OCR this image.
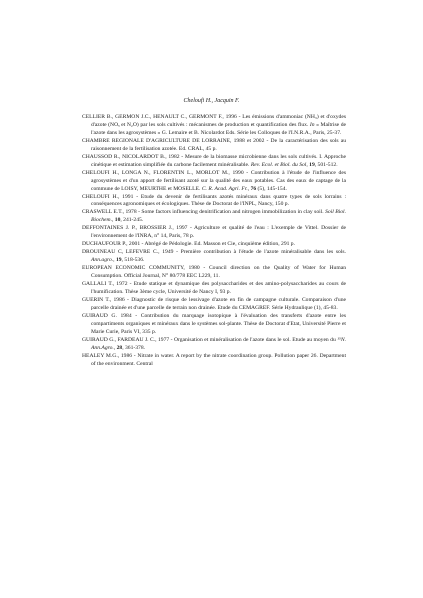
Cheloufi H., Jacquin F.

CELLIER B., GERMON J.C., HENAULT C., GERMONT F., 1996 - Les émissions d'ammoniac (NH₃) et d'oxydes d'azote (NOₓ et N₂O) par les sols cultivés : mécanismes de production et quantification des flux. In « Maîtrise de l'azote dans les agrosystèmes » G. Lemaire et B. Nicolardot Eds. Série les Colloques de l'I.N.R.A., Paris, 25-37.

CHAMBRE REGIONALE D'AGRICULTURE DE LORRAINE, 1988 et 2002 - De la caractérisation des sols au raisonnement de la fertilisation azotée. Ed. CRAL, 45 p.

CHAUSSOD R., NICOLARDOT B., 1982 - Mesure de la biomasse microbienne dans les sols cultivés. I. Approche cinétique et estimation simplifiée du carbone facilement minéralisable. Rev. Ecol. et Biol. du Sol, 19, 501-512.

CHELOUFI H., LONGA N., FLORENTIN L., MORLOT M., 1990 - Contribution à l'étude de l'influence des agrosystèmes et d'un apport de fertilisant azoté sur la qualité des eaux potables. Cas des eaux de captage de la commune de LOISY, MEURTHE et MOSELLE. C. R. Acad. Agri. Fr., 76 (5), 145-154.

CHELOUFI H., 1991 - Etude du devenir de fertilisants azotés minéraux dans quatre types de sols lorrains : conséquences agronomiques et écologiques. Thèse de Doctorat de l'INPL, Nancy, 150 p.

CRASWELL E.T., 1978 - Some factors influencing denitrification and nitrogen immobilization in clay soil. Soil Biol. Biochem., 10, 241-245.

DEFFONTAINES J. P., BROSSIER J., 1997 - Agriculture et qualité de l'eau : L'exemple de Vittel. Dossier de l'environnement de l'INRA, n° 14, Paris, 78 p.

DUCHAUFOUR P., 2001 - Abrégé de Pédologie. Ed. Masson et Cie, cinquième édition, 291 p.

DROUINEAU C, LEFEVRE C., 1949 - Première contribution à l'étude de l'azote minéralisable dans les sols. Ann.agro., 19, 518-536.

EUROPEAN ECONOMIC COMMUNITY, 1980 - Council direction on the Quality of Water for Human Consumption. Official Journal, N° 80/778 EEC L229, 11.

GALLALI T., 1972 - Etude statique et dynamique des polysaccharides et des amino-polysaccharides au cours de l'humification. Thèse 3ème cycle, Université de Nancy I, 93 p.

GUERIN T., 1986 - Diagnostic de risque de lessivage d'azote en fin de campagne culturale. Comparaison d'une parcelle drainée et d'une parcelle de terrain non drainée. Etude du CEMAGREF. Série Hydraulique (1), 45-83.

GUIRAUD G. 1984 - Contribution du marquage isotopique à l'évaluation des transferts d'azote entre les compartiments organiques et minéraux dans le systèmes sol-plante. Thèse de Doctorat d'Etat, Université Pierre et Marie Curie, Paris VI, 335 p.

GUIRAUD G., FARDEAU J. C., 1977 - Organisation et minéralisation de l'azote dans le sol. Etude au moyen du ¹⁵N. Ann.Agro., 28, 361-378.

HEALEY M.G., 1986 - Nitrate in water. A report by the nitrate coordination group. Pollution paper 26. Department of the environment. Central
